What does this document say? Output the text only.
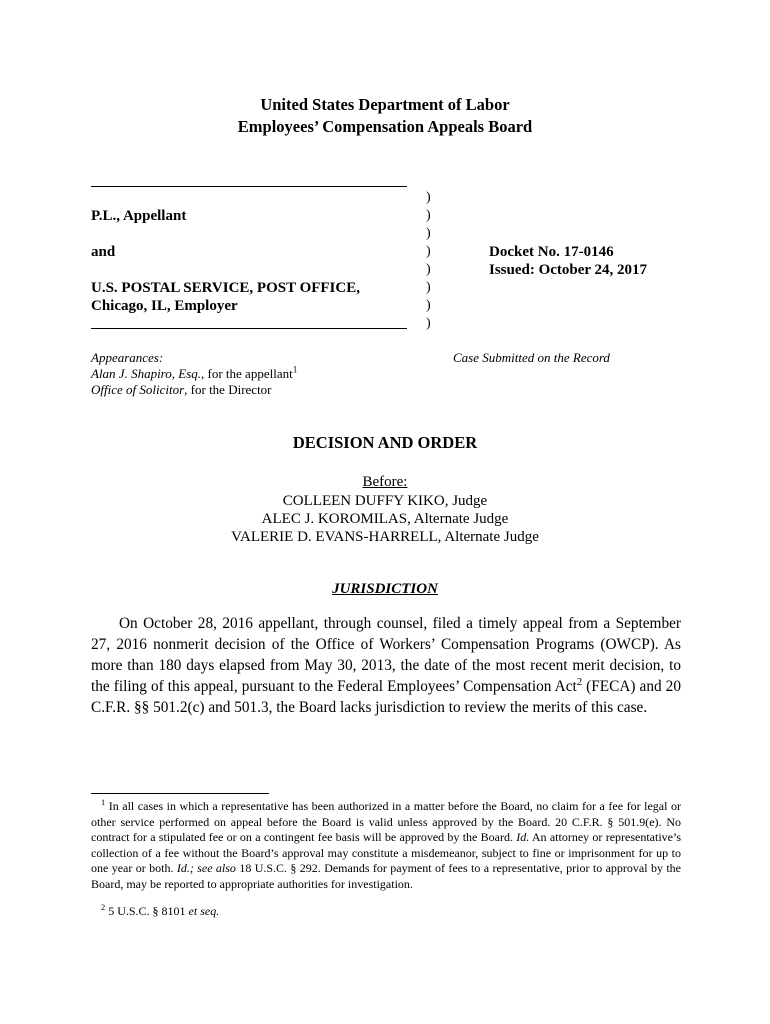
United States Department of Labor
Employees’ Compensation Appeals Board
P.L., Appellant
and
U.S. POSTAL SERVICE, POST OFFICE,
Chicago, IL, Employer
)
)
)
)
)
)
)
)
Docket No. 17-0146
Issued: October 24, 2017
Appearances:
Alan J. Shapiro, Esq., for the appellant$^1$
Office of Solicitor, for the Director
Case Submitted on the Record
DECISION AND ORDER
Before:
COLLEEN DUFFY KIKO, Judge
ALEC J. KOROMILAS, Alternate Judge
VALERIE D. EVANS-HARRELL, Alternate Judge
JURISDICTION
On October 28, 2016 appellant, through counsel, filed a timely appeal from a September 27, 2016 nonmerit decision of the Office of Workers’ Compensation Programs (OWCP). As more than 180 days elapsed from May 30, 2013, the date of the most recent merit decision, to the filing of this appeal, pursuant to the Federal Employees’ Compensation Act$^2$ (FECA) and 20 C.F.R. §§ 501.2(c) and 501.3, the Board lacks jurisdiction to review the merits of this case.
$^1$ In all cases in which a representative has been authorized in a matter before the Board, no claim for a fee for legal or other service performed on appeal before the Board is valid unless approved by the Board. 20 C.F.R. § 501.9(e). No contract for a stipulated fee or on a contingent fee basis will be approved by the Board. Id. An attorney or representative’s collection of a fee without the Board’s approval may constitute a misdemeanor, subject to fine or imprisonment for up to one year or both. Id.; see also 18 U.S.C. § 292. Demands for payment of fees to a representative, prior to approval by the Board, may be reported to appropriate authorities for investigation.
$^2$ 5 U.S.C. § 8101 et seq.
